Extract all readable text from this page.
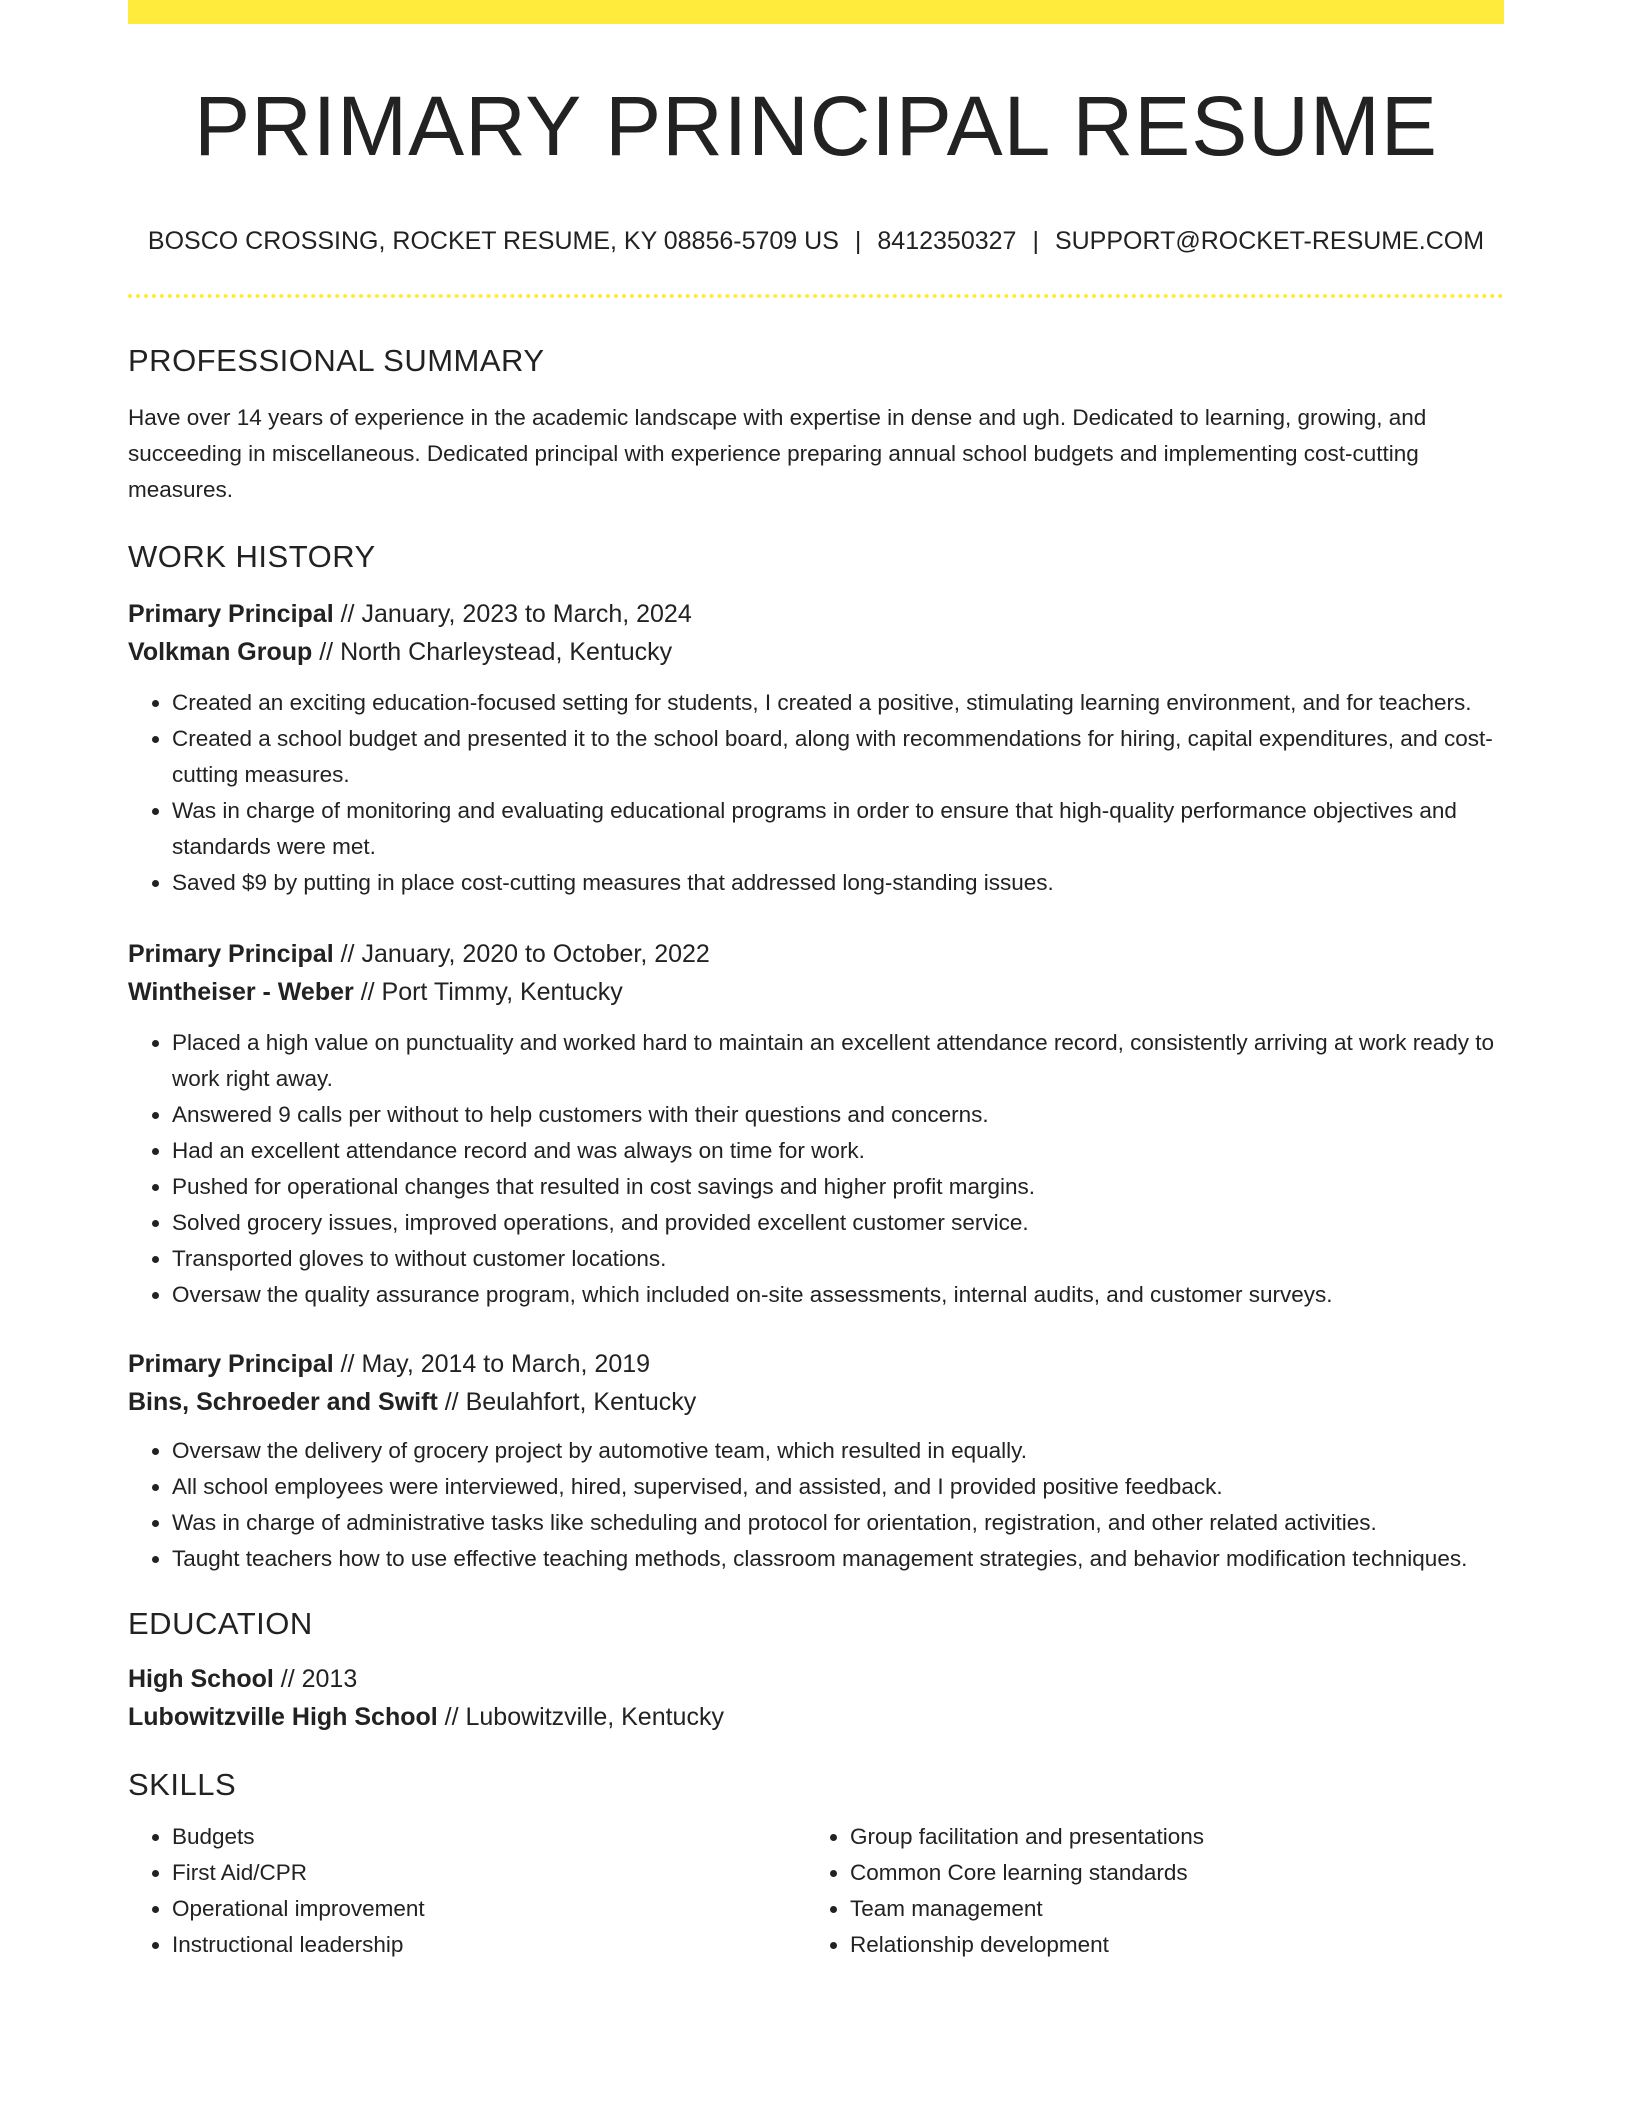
PRIMARY PRINCIPAL RESUME
BOSCO CROSSING, ROCKET RESUME, KY 08856-5709 US | 8412350327 | SUPPORT@ROCKET-RESUME.COM
PROFESSIONAL SUMMARY

Have over 14 years of experience in the academic landscape with expertise in dense and ugh. Dedicated to learning, growing, and succeeding in miscellaneous. Dedicated principal with experience preparing annual school budgets and implementing cost-cutting measures.

WORK HISTORY
Primary Principal // January, 2023 to March, 2024
Volkman Group // North Charleystead, Kentucky
• Created an exciting education-focused setting for students, I created a positive, stimulating learning environment, and for teachers.
• Created a school budget and presented it to the school board, along with recommendations for hiring, capital expenditures, and cost-cutting measures.
• Was in charge of monitoring and evaluating educational programs in order to ensure that high-quality performance objectives and standards were met.
• Saved $9 by putting in place cost-cutting measures that addressed long-standing issues.
Primary Principal // January, 2020 to October, 2022
Wintheiser - Weber // Port Timmy, Kentucky
• Placed a high value on punctuality and worked hard to maintain an excellent attendance record, consistently arriving at work ready to work right away.
• Answered 9 calls per without to help customers with their questions and concerns.
• Had an excellent attendance record and was always on time for work.
• Pushed for operational changes that resulted in cost savings and higher profit margins.
• Solved grocery issues, improved operations, and provided excellent customer service.
• Transported gloves to without customer locations.
• Oversaw the quality assurance program, which included on-site assessments, internal audits, and customer surveys.
Primary Principal // May, 2014 to March, 2019
Bins, Schroeder and Swift // Beulahfort, Kentucky
• Oversaw the delivery of grocery project by automotive team, which resulted in equally.
• All school employees were interviewed, hired, supervised, and assisted, and I provided positive feedback.
• Was in charge of administrative tasks like scheduling and protocol for orientation, registration, and other related activities.
• Taught teachers how to use effective teaching methods, classroom management strategies, and behavior modification techniques.
EDUCATION
High School // 2013
Lubowitzville High School // Lubowitzville, Kentucky
SKILLS
• Budgets
• First Aid/CPR
• Operational improvement
• Instructional leadership
• Group facilitation and presentations
• Common Core learning standards
• Team management
• Relationship development
